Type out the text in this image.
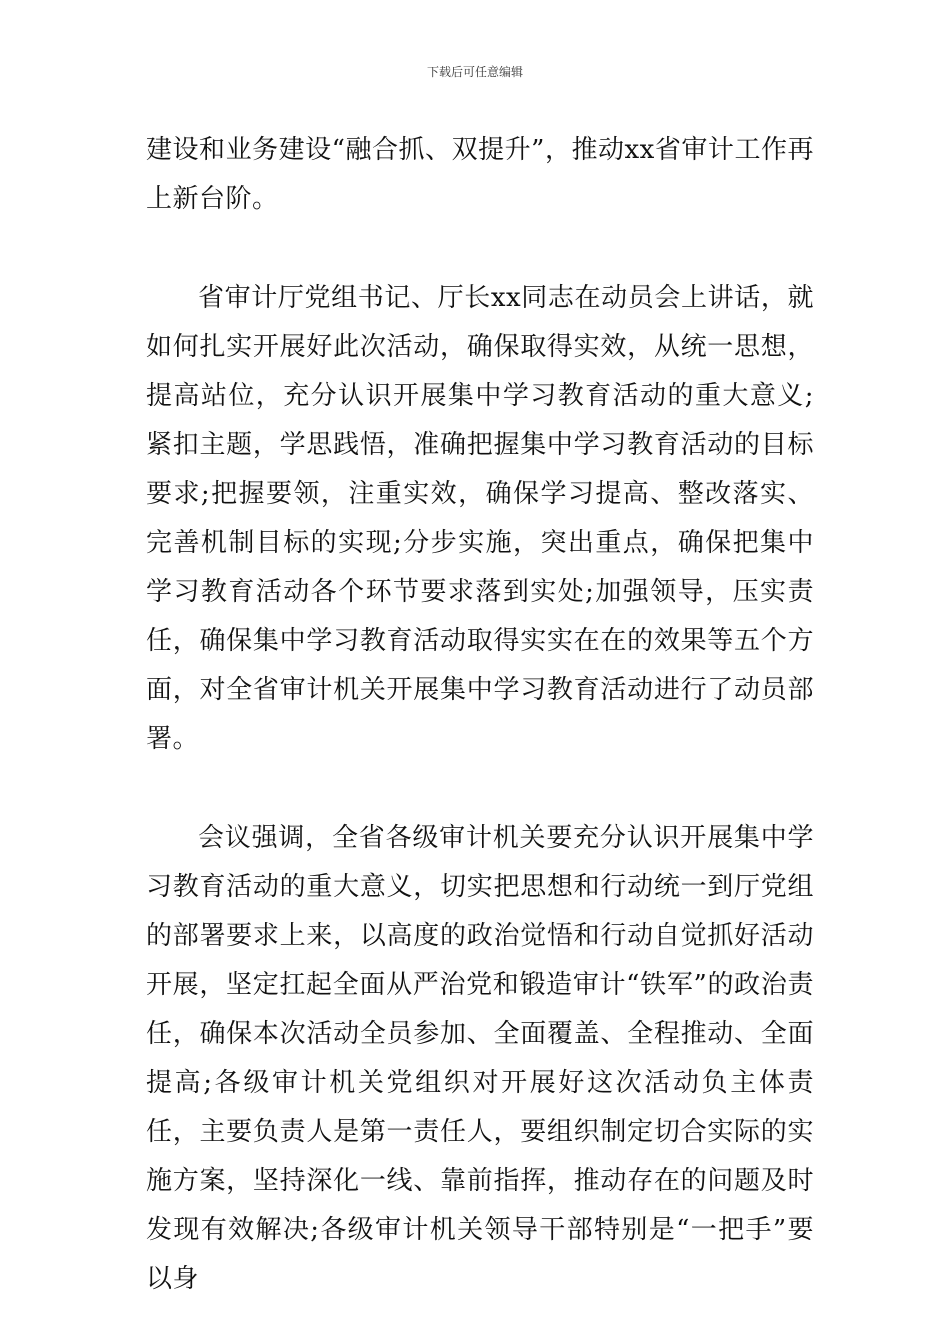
下载后可任意编辑

建设和业务建设“融合抓、双提升”，推动xx省审计工作再上新台阶。

省审计厅党组书记、厅长xx同志在动员会上讲话，就如何扎实开展好此次活动，确保取得实效，从统一思想，提高站位，充分认识开展集中学习教育活动的重大意义;紧扣主题，学思践悟，准确把握集中学习教育活动的目标要求;把握要领，注重实效，确保学习提高、整改落实、完善机制目标的实现;分步实施，突出重点，确保把集中学习教育活动各个环节要求落到实处;加强领导，压实责任，确保集中学习教育活动取得实实在在的效果等五个方面，对全省审计机关开展集中学习教育活动进行了动员部署。

会议强调，全省各级审计机关要充分认识开展集中学习教育活动的重大意义，切实把思想和行动统一到厅党组的部署要求上来，以高度的政治觉悟和行动自觉抓好活动开展，坚定扛起全面从严治党和锻造审计“铁军”的政治责任，确保本次活动全员参加、全面覆盖、全程推动、全面提高;各级审计机关党组织对开展好这次活动负主体责任，主要负责人是第一责任人，要组织制定切合实际的实施方案，坚持深化一线、靠前指挥，推动存在的问题及时发现有效解决;各级审计机关领导干部特别是“一把手”要以身
